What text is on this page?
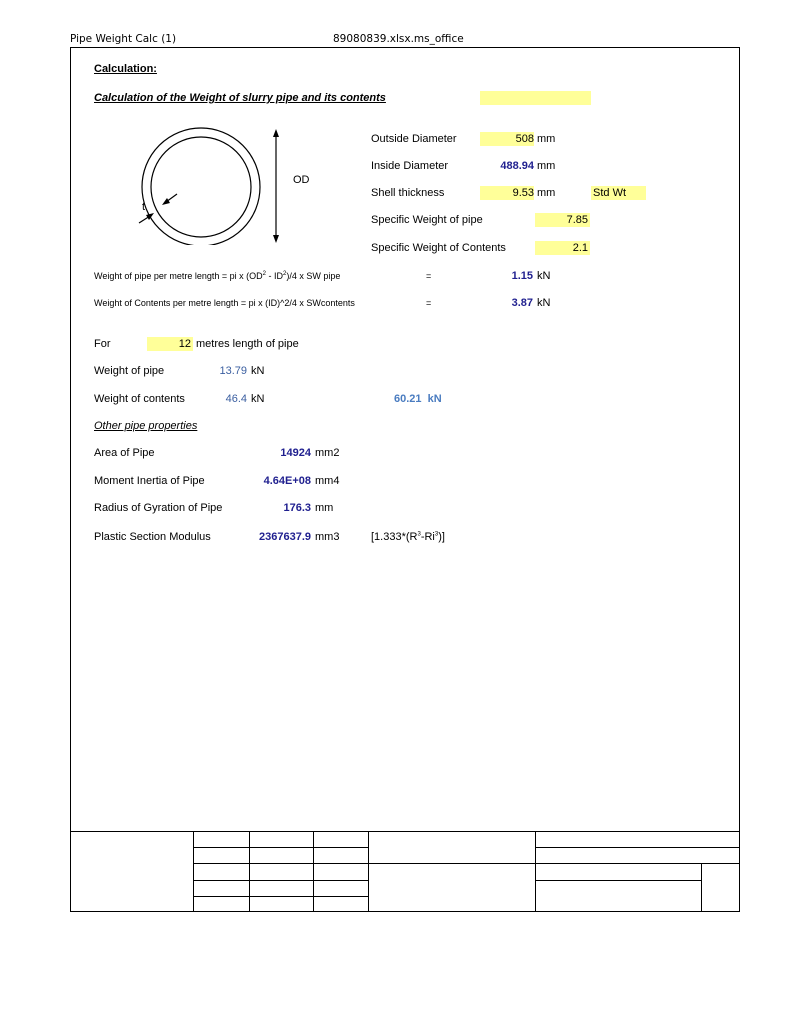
Pipe Weight Calc (1)	89080839.xlsx.ms_office
Calculation:
Calculation of the Weight of slurry pipe and its contents
OD
t
Outside Diameter	508 mm
Inside Diameter	488.94 mm
Shell thickness	9.53 mm	Std Wt
Specific Weight of pipe	7.85
Specific Weight of Contents	2.1
Weight of pipe per metre length = pi x $(OD^2 - ID^2)/4$ x SW pipe	=	1.15 kN
Weight of Contents per metre length = pi x (ID)^2/4 x SWcontents	=	3.87 kN
For	12 metres length of pipe
Weight of pipe	13.79 kN
Weight of contents	46.4 kN	60.21  kN
Other pipe properties
Area of Pipe	14924 mm2
Moment Inertia of Pipe	4.64E+08 mm4
Radius of Gyration of Pipe	176.3 mm
Plastic Section Modulus	2367637.9 mm3	$[1.333*(R^3-Ri^3)]$
